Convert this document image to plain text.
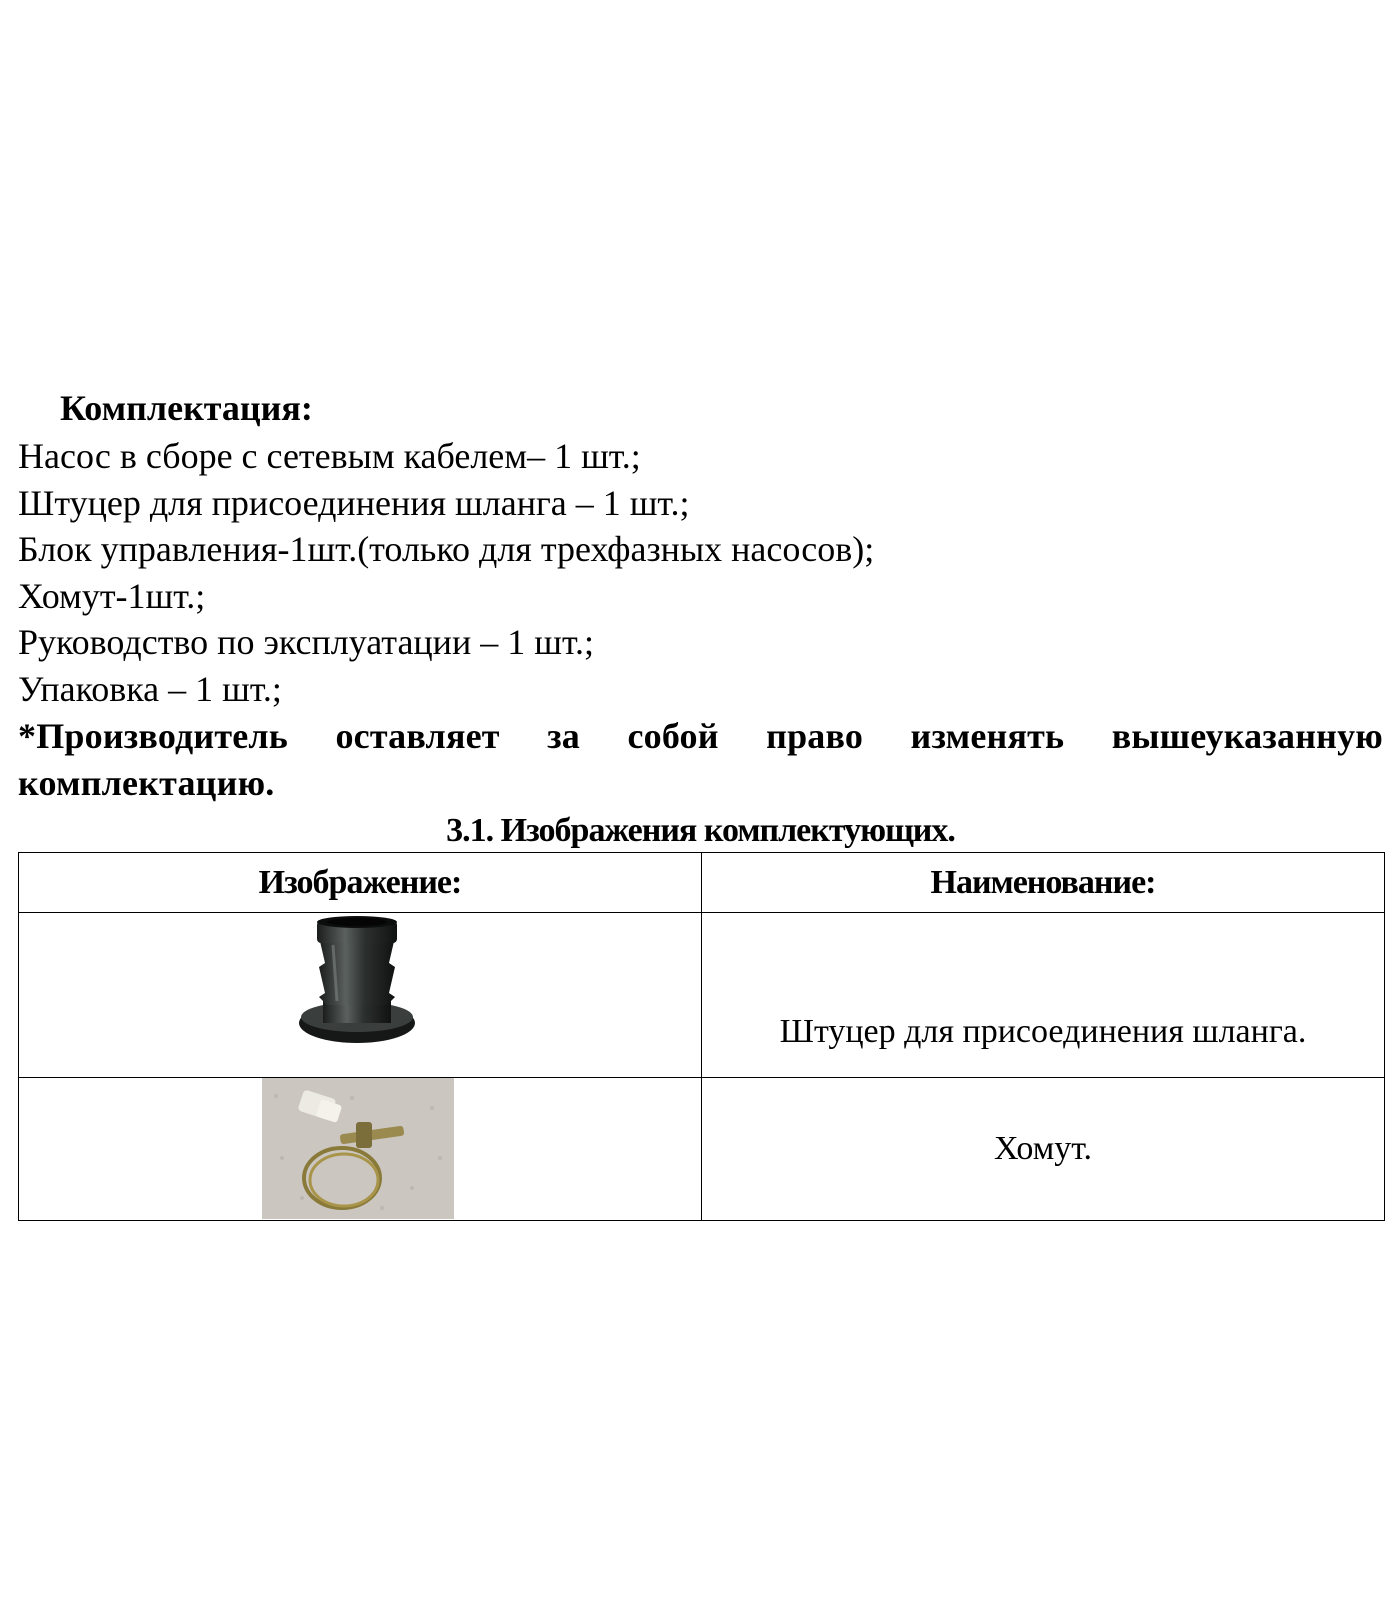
Комплектация:
Насос в сборе с сетевым кабелем– 1 шт.;
Штуцер для присоединения шланга – 1 шт.;
Блок управления-1шт.(только для трехфазных насосов);
Хомут-1шт.;
Руководство по эксплуатации – 1 шт.;
Упаковка – 1 шт.;
*Производитель оставляет за собой право изменять вышеуказанную комплектацию.
3.1. Изображения комплектующих.
Изображение:	Наименование:

	Штуцер для присоединения шланга.

	Хомут.
